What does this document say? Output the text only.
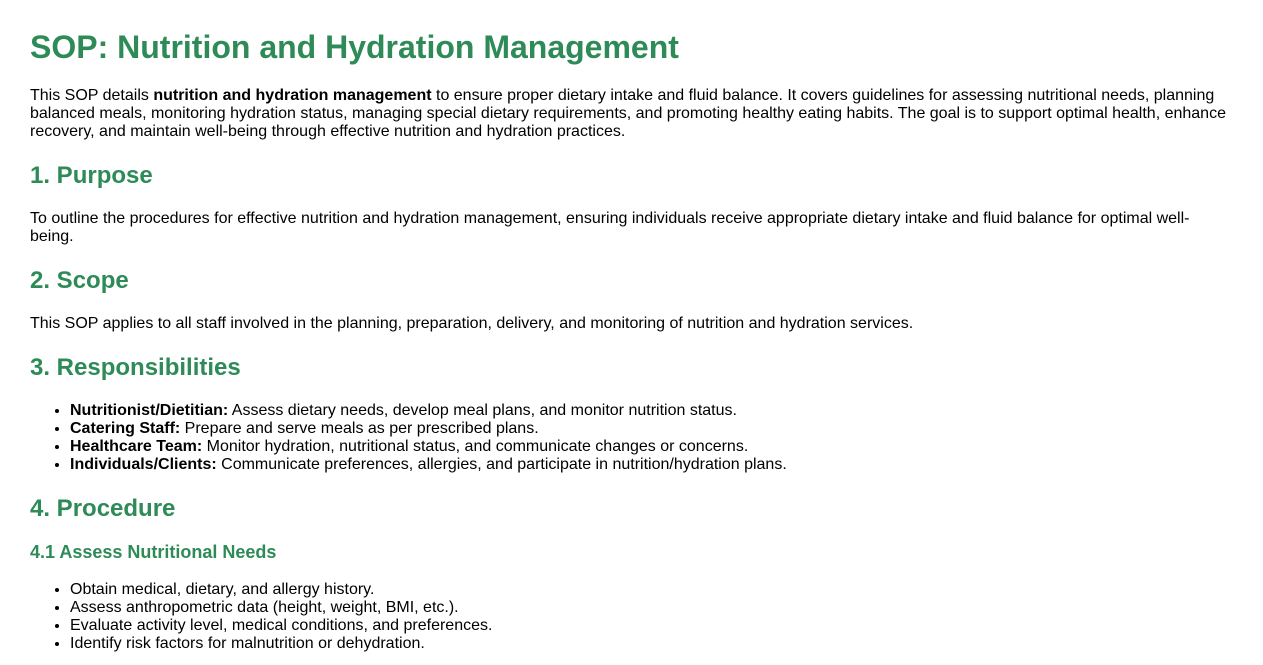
SOP: Nutrition and Hydration Management

This SOP details nutrition and hydration management to ensure proper dietary intake and fluid balance. It covers guidelines for assessing nutritional needs, planning balanced meals, monitoring hydration status, managing special dietary requirements, and promoting healthy eating habits. The goal is to support optimal health, enhance recovery, and maintain well-being through effective nutrition and hydration practices.

1. Purpose

To outline the procedures for effective nutrition and hydration management, ensuring individuals receive appropriate dietary intake and fluid balance for optimal well-being.

2. Scope

This SOP applies to all staff involved in the planning, preparation, delivery, and monitoring of nutrition and hydration services.

3. Responsibilities
• Nutritionist/Dietitian: Assess dietary needs, develop meal plans, and monitor nutrition status.
• Catering Staff: Prepare and serve meals as per prescribed plans.
• Healthcare Team: Monitor hydration, nutritional status, and communicate changes or concerns.
• Individuals/Clients: Communicate preferences, allergies, and participate in nutrition/hydration plans.
4. Procedure
4.1 Assess Nutritional Needs
• Obtain medical, dietary, and allergy history.
• Assess anthropometric data (height, weight, BMI, etc.).
• Evaluate activity level, medical conditions, and preferences.
• Identify risk factors for malnutrition or dehydration.
